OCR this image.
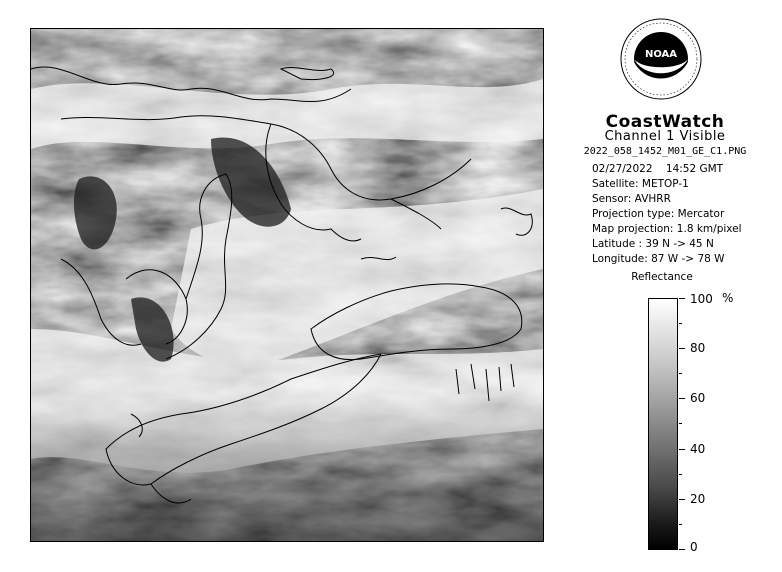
NOAA
CoastWatch
Channel 1 Visible
2022_058_1452_M01_GE_C1.PNG
02/27/2022 14:52 GMT
Satellite: METOP-1
Sensor: AVHRR
Projection type: Mercator
Map projection: 1.8 km/pixel
Latitude : 39 N -> 45 N
Longitude: 87 W -> 78 W
Reflectance
%
100
80
60
40
20
0
